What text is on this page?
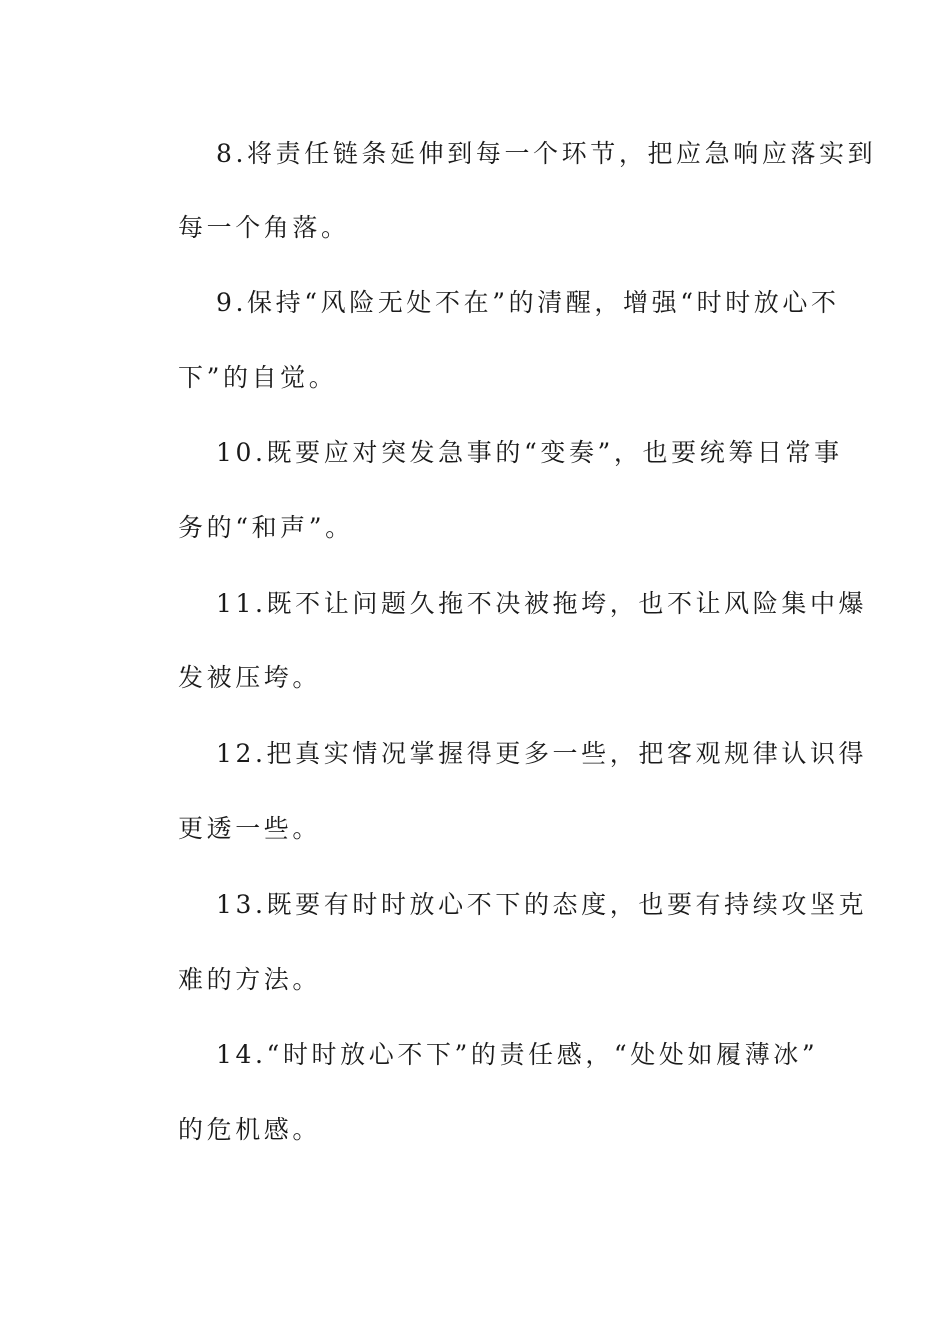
8.将责任链条延伸到每一个环节，把应急响应落实到
每一个角落。
9.保持“风险无处不在”的清醒，增强“时时放心不
下”的自觉。
10.既要应对突发急事的“变奏”，也要统筹日常事
务的“和声”。
11.既不让问题久拖不决被拖垮，也不让风险集中爆
发被压垮。
12.把真实情况掌握得更多一些，把客观规律认识得
更透一些。
13.既要有时时放心不下的态度，也要有持续攻坚克
难的方法。
14.“时时放心不下”的责任感，“处处如履薄冰”
的危机感。
